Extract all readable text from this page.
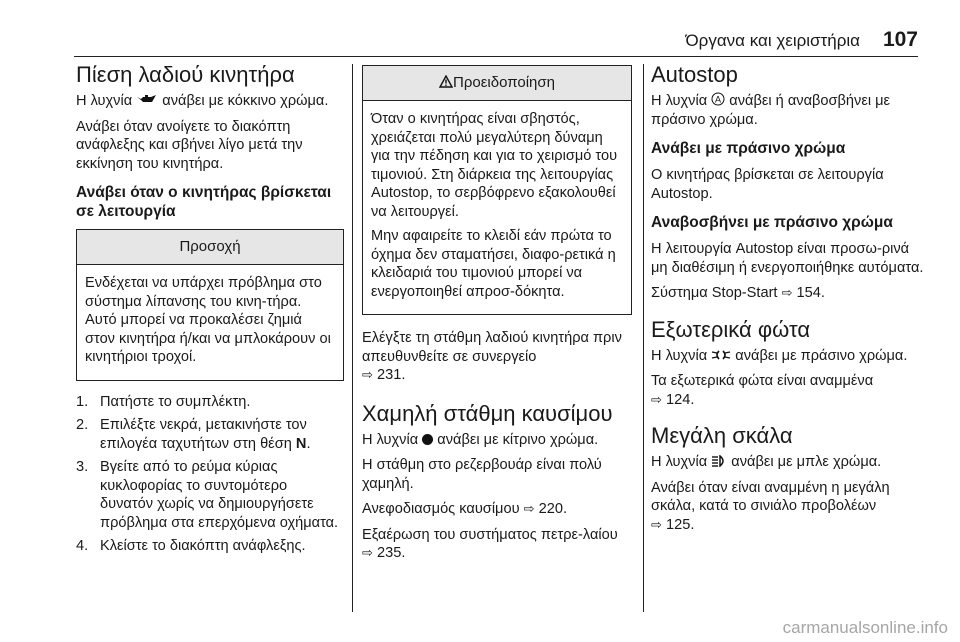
Όργανα και χειριστήρια 107
Πίεση λαδιού κινητήρα

Η λυχνία ανάβει με κόκκινο χρώμα.

Ανάβει όταν ανοίγετε το διακόπτη ανάφλεξης και σβήνει λίγο μετά την εκκίνηση του κινητήρα.

Ανάβει όταν ο κινητήρας βρίσκεται σε λειτουργία
Προσοχή

Ενδέχεται να υπάρχει πρόβλημα στο σύστημα λίπανσης του κινη-τήρα. Αυτό μπορεί να προκαλέσει ζημιά στον κινητήρα ή/και να μπλοκάρουν οι κινητήριοι τροχοί.

1. Πατήστε το συμπλέκτη.
2. Επιλέξτε νεκρά, μετακινήστε τον επιλογέα ταχυτήτων στη θέση N.
3. Βγείτε από το ρεύμα κύριας κυκλοφορίας το συντομότερο δυνατόν χωρίς να δημιουργήσετε πρόβλημα στα επερχόμενα οχήματα.
4. Κλείστε το διακόπτη ανάφλεξης.
Προειδοποίηση

Όταν ο κινητήρας είναι σβηστός, χρειάζεται πολύ μεγαλύτερη δύναμη για την πέδηση και για το χειρισμό του τιμονιού. Στη διάρκεια της λειτουργίας Autostop, το σερβόφρενο εξακολουθεί να λειτουργεί.

Μην αφαιρείτε το κλειδί εάν πρώτα το όχημα δεν σταματήσει, διαφο-ρετικά η κλειδαριά του τιμονιού μπορεί να ενεργοποιηθεί απροσ-δόκητα.

Ελέγξτε τη στάθμη λαδιού κινητήρα πριν απευθυνθείτε σε συνεργείο
⇨ 231.

Χαμηλή στάθμη καυσίμου

Η λυχνία ανάβει με κίτρινο χρώμα.

Η στάθμη στο ρεζερβουάρ είναι πολύ χαμηλή.

Ανεφοδιασμός καυσίμου ⇨ 220.

Εξαέρωση του συστήματος πετρε-λαίου ⇨ 235.

Autostop

Η λυχνία A ανάβει ή αναβοσβήνει με πράσινο χρώμα.

Ανάβει με πράσινο χρώμα

Ο κινητήρας βρίσκεται σε λειτουργία Autostop.

Αναβοσβήνει με πράσινο χρώμα

Η λειτουργία Autostop είναι προσω-ρινά μη διαθέσιμη ή ενεργοποιήθηκε αυτόματα.

Σύστημα Stop-Start ⇨ 154.

Εξωτερικά φώτα

Η λυχνία ανάβει με πράσινο χρώμα.

Τα εξωτερικά φώτα είναι αναμμένα
⇨ 124.

Μεγάλη σκάλα

Η λυχνία ανάβει με μπλε χρώμα.

Ανάβει όταν είναι αναμμένη η μεγάλη σκάλα, κατά το σινιάλο προβολέων
⇨ 125.

carmanualsonline.info
